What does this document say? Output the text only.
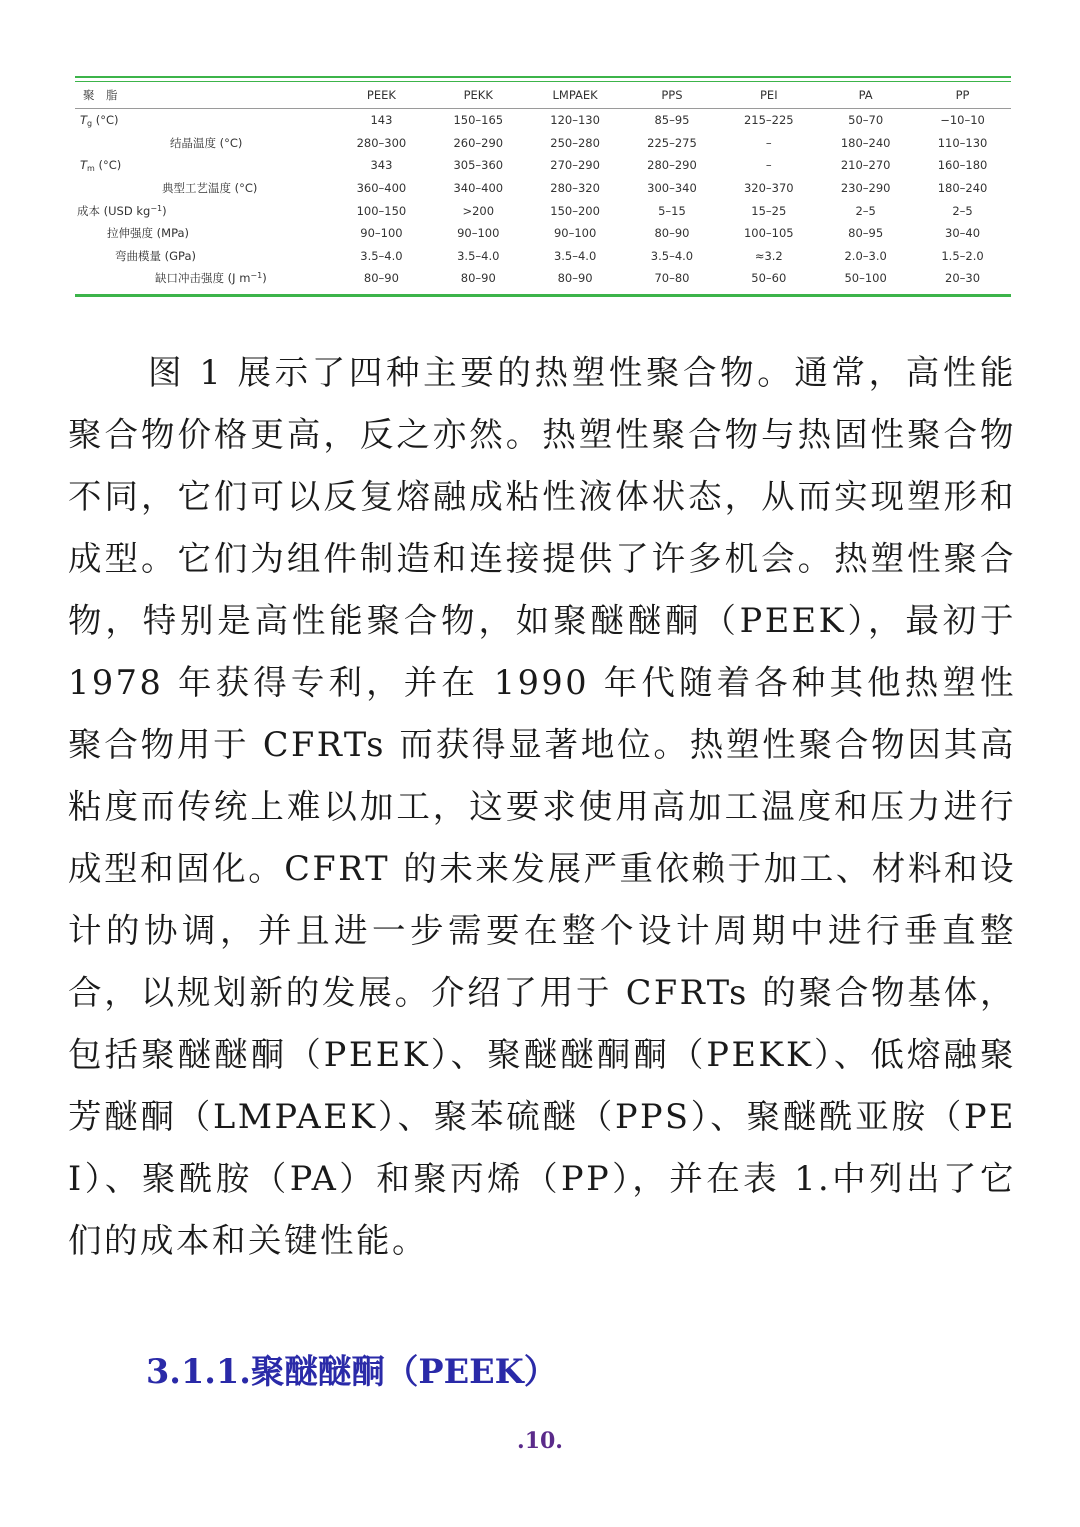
聚　脂	PEEK	PEKK	LMPAEK	PPS	PEI	PA	PP
$T_g$ (°C)	143	150–165	120–130	85–95	215–225	50–70	−10–10
结晶温度 (°C)	280–300	260–290	250–280	225–275	–	180–240	110–130
$T_m$ (°C)	343	305–360	270–290	280–290	–	210–270	160–180
典型工艺温度 (°C)	360–400	340–400	280–320	300–340	320–370	230–290	180–240
成本 (USD $kg^{-1}$)	100–150	>200	150–200	5–15	15–25	2–5	2–5
拉伸强度 (MPa)	90–100	90–100	90–100	80–90	100–105	80–95	30–40
弯曲模量 (GPa)	3.5–4.0	3.5–4.0	3.5–4.0	3.5–4.0	≈3.2	2.0–3.0	1.5–2.0
缺口冲击强度 (J $m^{-1}$)	80–90	80–90	80–90	70–80	50–60	50–100	20–30

图 1 展示了四种主要的热塑性聚合物。通常，高性能聚合物价格更高，反之亦然。热塑性聚合物与热固性聚合物不同，它们可以反复熔融成粘性液体状态，从而实现塑形和成型。它们为组件制造和连接提供了许多机会。热塑性聚合物，特别是高性能聚合物，如聚醚醚酮（PEEK），最初于 1978 年获得专利，并在 1990 年代随着各种其他热塑性聚合物用于 CFRTs 而获得显著地位。热塑性聚合物因其高粘度而传统上难以加工，这要求使用高加工温度和压力进行成型和固化。CFRT 的未来发展严重依赖于加工、材料和设计的协调，并且进一步需要在整个设计周期中进行垂直整合，以规划新的发展。介绍了用于 CFRTs 的聚合物基体，包括聚醚醚酮（PEEK）、聚醚醚酮酮（PEKK）、低熔融聚芳醚酮（LMPAEK）、聚苯硫醚（PPS）、聚醚酰亚胺（PEI）、聚酰胺（PA）和聚丙烯（PP），并在表 1.中列出了它们的成本和关键性能。

3.1.1.聚醚醚酮（PEEK）

.10.
